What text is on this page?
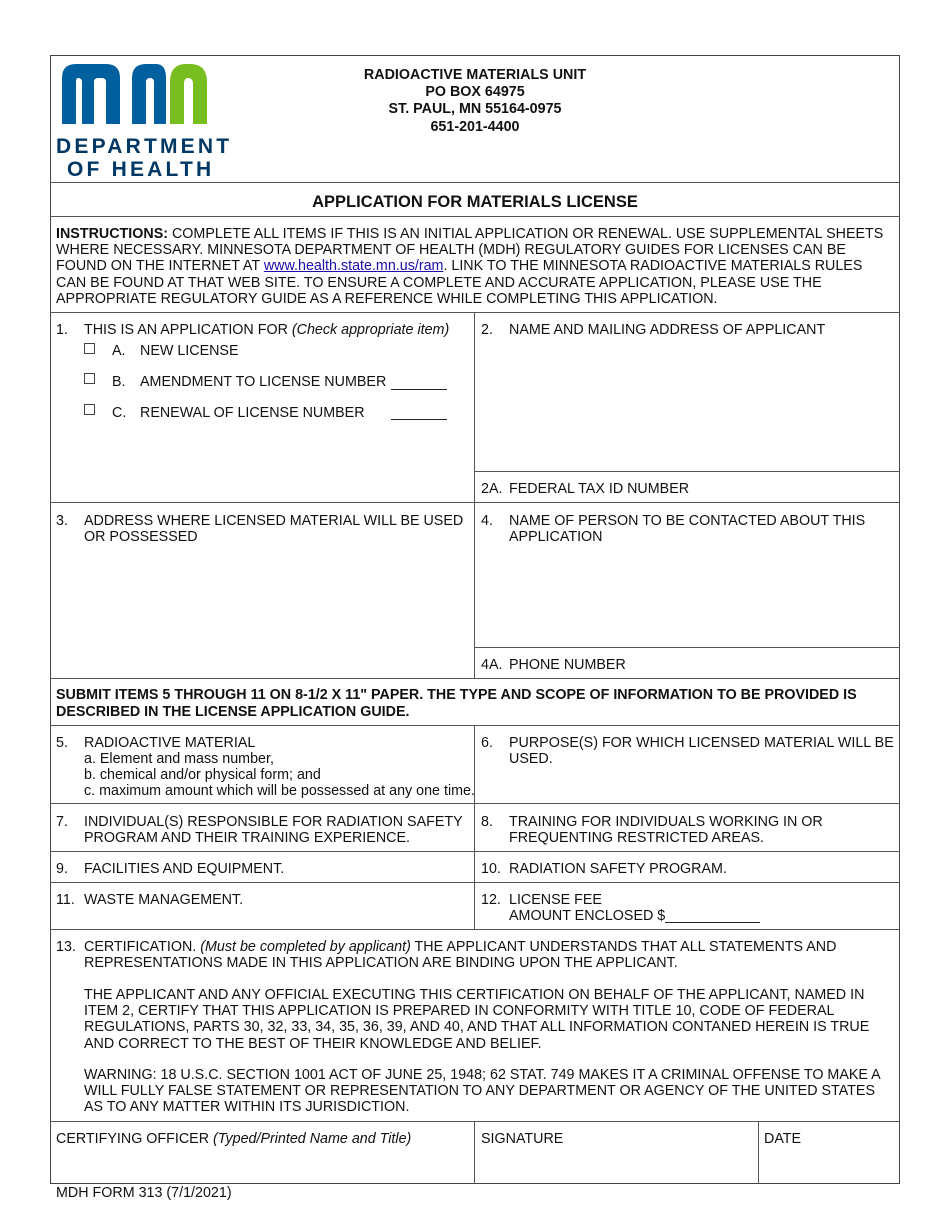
DEPARTMENT
OF HEALTH
RADIOACTIVE MATERIALS UNIT
PO BOX 64975
ST. PAUL, MN 55164-0975
651-201-4400
APPLICATION FOR MATERIALS LICENSE
INSTRUCTIONS: COMPLETE ALL ITEMS IF THIS IS AN INITIAL APPLICATION OR RENEWAL. USE SUPPLEMENTAL SHEETS WHERE NECESSARY. MINNESOTA DEPARTMENT OF HEALTH (MDH) REGULATORY GUIDES FOR LICENSES CAN BE FOUND ON THE INTERNET AT www.health.state.mn.us/ram. LINK TO THE MINNESOTA RADIOACTIVE MATERIALS RULES CAN BE FOUND AT THAT WEB SITE. TO ENSURE A COMPLETE AND ACCURATE APPLICATION, PLEASE USE THE APPROPRIATE REGULATORY GUIDE AS A REFERENCE WHILE COMPLETING THIS APPLICATION.
1. THIS IS AN APPLICATION FOR (Check appropriate item)
A. NEW LICENSE
B. AMENDMENT TO LICENSE NUMBER
C. RENEWAL OF LICENSE NUMBER
2. NAME AND MAILING ADDRESS OF APPLICANT
2A. FEDERAL TAX ID NUMBER
3. ADDRESS WHERE LICENSED MATERIAL WILL BE USED
OR POSSESSED
4. NAME OF PERSON TO BE CONTACTED ABOUT THIS
APPLICATION
4A. PHONE NUMBER
SUBMIT ITEMS 5 THROUGH 11 ON 8-1/2 X 11" PAPER. THE TYPE AND SCOPE OF INFORMATION TO BE PROVIDED IS
DESCRIBED IN THE LICENSE APPLICATION GUIDE.
5. RADIOACTIVE MATERIAL
a. Element and mass number,
b. chemical and/or physical form; and
c. maximum amount which will be possessed at any one time.
6. PURPOSE(S) FOR WHICH LICENSED MATERIAL WILL BE
USED.
7. INDIVIDUAL(S) RESPONSIBLE FOR RADIATION SAFETY
PROGRAM AND THEIR TRAINING EXPERIENCE.
8. TRAINING FOR INDIVIDUALS WORKING IN OR
FREQUENTING RESTRICTED AREAS.
9. FACILITIES AND EQUIPMENT.	10. RADIATION SAFETY PROGRAM.
11. WASTE MANAGEMENT.	12. LICENSE FEE
AMOUNT ENCLOSED $
13. CERTIFICATION. (Must be completed by applicant) THE APPLICANT UNDERSTANDS THAT ALL STATEMENTS AND REPRESENTATIONS MADE IN THIS APPLICATION ARE BINDING UPON THE APPLICANT.
THE APPLICANT AND ANY OFFICIAL EXECUTING THIS CERTIFICATION ON BEHALF OF THE APPLICANT, NAMED IN ITEM 2, CERTIFY THAT THIS APPLICATION IS PREPARED IN CONFORMITY WITH TITLE 10, CODE OF FEDERAL REGULATIONS, PARTS 30, 32, 33, 34, 35, 36, 39, AND 40, AND THAT ALL INFORMATION CONTANED HEREIN IS TRUE AND CORRECT TO THE BEST OF THEIR KNOWLEDGE AND BELIEF.
WARNING: 18 U.S.C. SECTION 1001 ACT OF JUNE 25, 1948; 62 STAT. 749 MAKES IT A CRIMINAL OFFENSE TO MAKE A WILL FULLY FALSE STATEMENT OR REPRESENTATION TO ANY DEPARTMENT OR AGENCY OF THE UNITED STATES AS TO ANY MATTER WITHIN ITS JURISDICTION.
CERTIFYING OFFICER (Typed/Printed Name and Title)	SIGNATURE	DATE
MDH FORM 313 (7/1/2021)
